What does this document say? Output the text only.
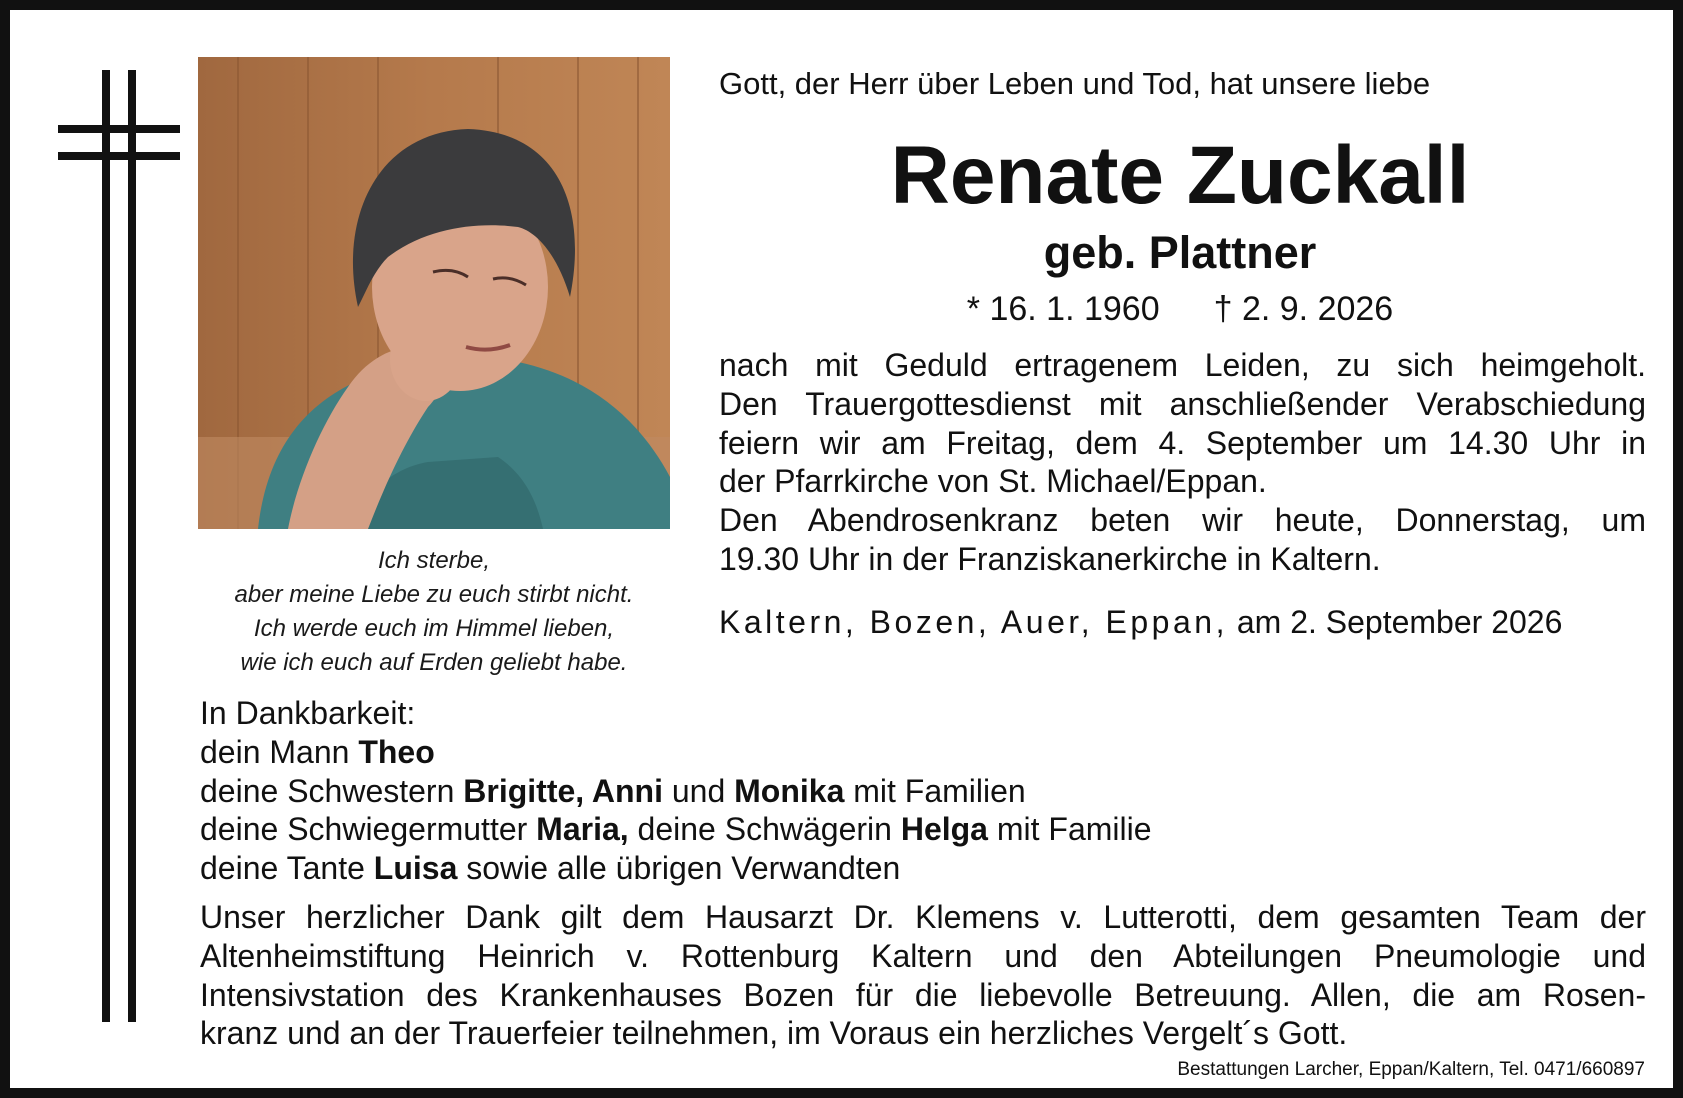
Ich sterbe,
aber meine Liebe zu euch stirbt nicht.
Ich werde euch im Himmel lieben,
wie ich euch auf Erden geliebt habe.
Gott, der Herr über Leben und Tod, hat unsere liebe
Renate Zuckall
geb. Plattner
* 16. 1. 1960 † 2. 9. 2026
nach mit Geduld ertragenem Leiden, zu sich heimgeholt.
Den Trauergottesdienst mit anschließender Verabschiedung
feiern wir am Freitag, dem 4. September um 14.30 Uhr in
der Pfarrkirche von St. Michael/Eppan.
Den Abendrosenkranz beten wir heute, Donnerstag, um
19.30 Uhr in der Franziskanerkirche in Kaltern.
Kaltern, Bozen, Auer, Eppan, am 2. September 2026
In Dankbarkeit:
dein Mann Theo
deine Schwestern Brigitte, Anni und Monika mit Familien
deine Schwiegermutter Maria, deine Schwägerin Helga mit Familie
deine Tante Luisa sowie alle übrigen Verwandten
Unser herzlicher Dank gilt dem Hausarzt Dr. Klemens v. Lutterotti, dem gesamten Team der
Altenheimstiftung Heinrich v. Rottenburg Kaltern und den Abteilungen Pneumologie und
Intensivstation des Krankenhauses Bozen für die liebevolle Betreuung. Allen, die am Rosen-
kranz und an der Trauerfeier teilnehmen, im Voraus ein herzliches Vergelt´s Gott.
Bestattungen Larcher, Eppan/Kaltern, Tel. 0471/660897
